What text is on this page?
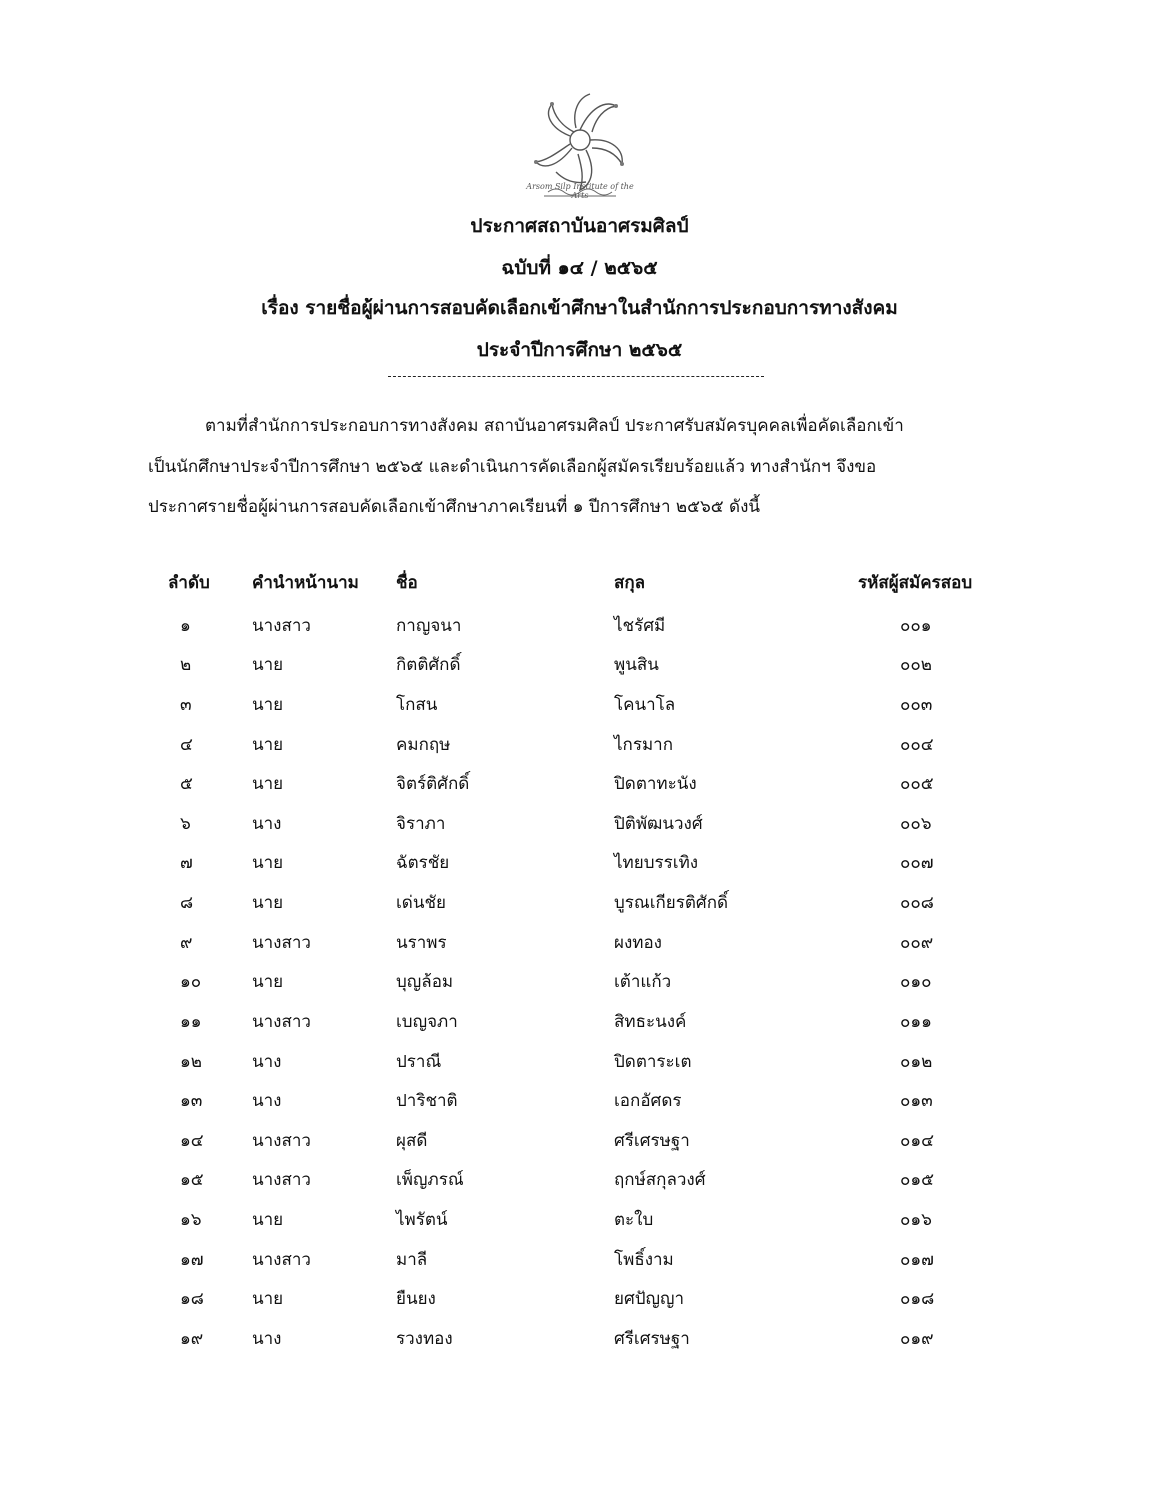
Arsom Silp Institute of the Arts
ประกาศสถาบันอาศรมศิลป์
ฉบับที่ ๑๔ / ๒๕๖๕
เรื่อง รายชื่อผู้ผ่านการสอบคัดเลือกเข้าศึกษาในสำนักการประกอบการทางสังคม
ประจำปีการศึกษา ๒๕๖๕
ตามที่สำนักการประกอบการทางสังคม สถาบันอาศรมศิลป์ ประกาศรับสมัครบุคคลเพื่อคัดเลือกเข้า
เป็นนักศึกษาประจำปีการศึกษา ๒๕๖๕ และดำเนินการคัดเลือกผู้สมัครเรียบร้อยแล้ว ทางสำนักฯ จึงขอ
ประกาศรายชื่อผู้ผ่านการสอบคัดเลือกเข้าศึกษาภาคเรียนที่ ๑ ปีการศึกษา ๒๕๖๕ ดังนี้
ลำดับ	คำนำหน้านาม	ชื่อ	สกุล	รหัสผู้สมัครสอบ
๑	นางสาว	กาญจนา	ไชรัศมี	๐๐๑
๒	นาย	กิตติศักดิ์	พูนสิน	๐๐๒
๓	นาย	โกสน	โคนาโล	๐๐๓
๔	นาย	คมกฤษ	ไกรมาก	๐๐๔
๕	นาย	จิตร์ติศักดิ์	ปิดตาทะนัง	๐๐๕
๖	นาง	จิราภา	ปิติพัฒนวงศ์	๐๐๖
๗	นาย	ฉัตรชัย	ไทยบรรเทิง	๐๐๗
๘	นาย	เด่นชัย	บูรณเกียรติศักดิ์	๐๐๘
๙	นางสาว	นราพร	ผงทอง	๐๐๙
๑๐	นาย	บุญล้อม	เต้าแก้ว	๐๑๐
๑๑	นางสาว	เบญจภา	สิทธะนงค์	๐๑๑
๑๒	นาง	ปราณี	ปิดตาระเต	๐๑๒
๑๓	นาง	ปาริชาติ	เอกอัศดร	๐๑๓
๑๔	นางสาว	ผุสดี	ศรีเศรษฐา	๐๑๔
๑๕	นางสาว	เพ็ญภรณ์	ฤกษ์สกุลวงศ์	๐๑๕
๑๖	นาย	ไพรัตน์	ตะใบ	๐๑๖
๑๗	นางสาว	มาลี	โพธิ์งาม	๐๑๗
๑๘	นาย	ยืนยง	ยศปัญญา	๐๑๘
๑๙	นาง	รวงทอง	ศรีเศรษฐา	๐๑๙
